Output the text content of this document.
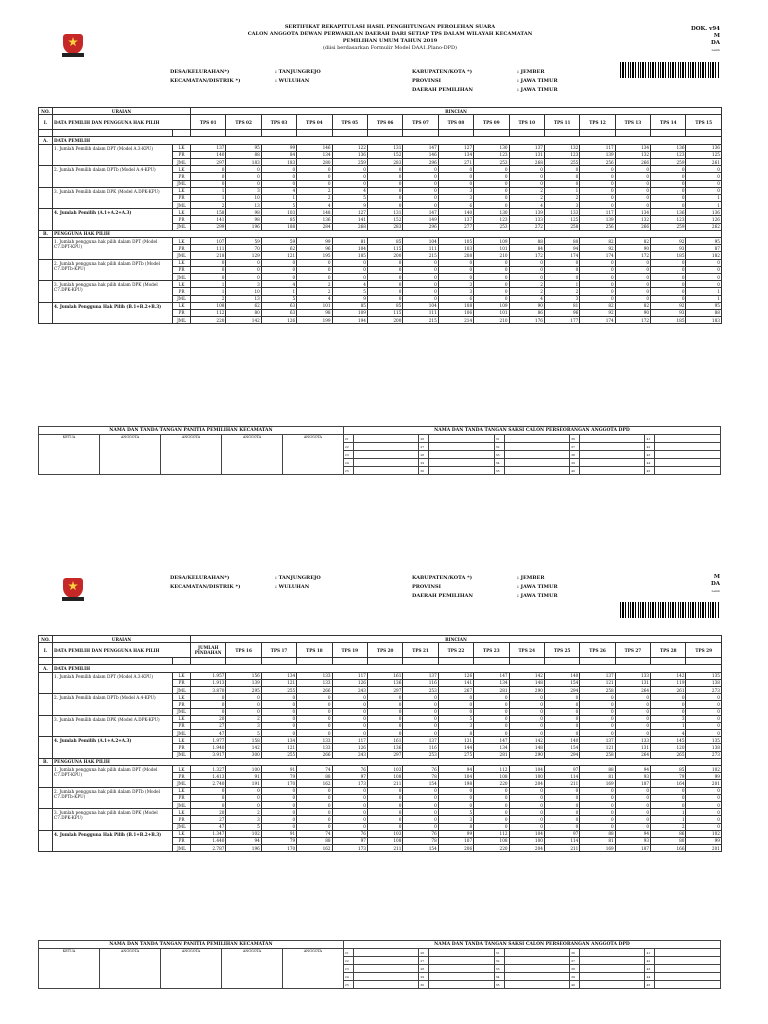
SERTIFIKAT REKAPITULASI HASIL PENGHITUNGAN PEROLEHAN SUARA
CALON ANGGOTA DEWAN PERWAKILAN DAERAH DARI SETIAP TPS DALAM WILAYAH KECAMATAN
PEMILIHAN UMUM TAHUN 2019
(diisi berdasarkan Formulir Model DAA1.Plano-DPD)
DOK. v94
M
DA
Lemb
DESA/KELURAHAN*)	: TANJUNGREJO
KECAMATAN/DISTRIK *)	: WULUHAN
KABUPATEN/KOTA *)	: JEMBER
PROVINSI	: JAWA TIMUR
DAERAH PEMILIHAN	: JAWA TIMUR
NO.	URAIAN		RINCIAN														
I.	DATA PEMILIH DAN PENGGUNA HAK PILIH		TPS 01	TPS 02	TPS 03	TPS 04	TPS 05	TPS 06	TPS 07	TPS 08	TPS 09	TPS 10	TPS 11	TPS 12	TPS 13	TPS 14	TPS 15

A.	DATA PEMILIH																
	1. Jumlah Pemilih dalam DPT (Model A.3-KPU)	LK	137	95	99	146	122	131	147	127	130	137	132	117	134	136	136
		PR	140	88	84	134	136	152	146	134	123	131	123	139	132	123	125
		JML	297	183	183	280	259	283	296	271	253	268	255	256	266	259	261
	2. Jumlah Pemilih dalam DPTb (Model A.4-KPU)	LK	0	0	0	0	0	0	0	0	0	0	0	0	0	0	0
		PR	0	0	0	0	0	0	0	0	0	0	0	0	0	0	0
		JML	0	0	0	0	0	0	0	0	0	0	0	0	0	0	0
	3. Jumlah Pemilih dalam DPK (Model A.DPK-KPU)	LK	1	3	4	2	4	0	0	3	0	2	1	0	0	0	0
		PR	1	10	1	2	5	0	0	3	0	2	2	0	0	0	1
		JML	2	13	5	4	9	0	0	6	0	4	3	0	0	0	1
	4. Jumlah Pemilih (A.1+A.2+A.3)	LK	158	98	103	148	127	131	147	140	130	139	133	117	134	136	136
		PR	141	98	85	136	141	152	149	137	123	133	125	139	132	123	126
		JML	299	196	188	284	268	283	296	277	253	272	258	256	266	259	262
B.	PENGGUNA HAK PILIH																
	1. Jumlah pengguna hak pilih dalam DPT (Model C7.DPT-KPU)	LK	107	59	59	99	81	85	104	105	109	88	80	82	82	92	95
		PR	111	70	62	96	104	115	111	103	101	84	94	92	90	93	87
		JML	218	129	121	195	185	200	215	208	210	172	174	174	172	185	182
	2. Jumlah pengguna hak pilih dalam DPTb (Model C7.DPTb-KPU)	LK	0	0	0	0	0	0	0	0	0	0	0	0	0	0	0
		PR	0	0	0	0	0	0	0	0	0	0	0	0	0	0	0
		JML	0	0	0	0	0	0	0	0	0	0	0	0	0	0	0
	3. Jumlah pengguna hak pilih dalam DPK (Model C7.DPK-KPU)	LK	1	3	4	2	4	0	0	3	0	2	1	0	0	0	0
		PR	1	10	1	2	5	0	0	3	0	2	2	0	0	0	1
		JML	2	13	5	4	9	0	0	6	0	4	3	0	0	0	1
	4. Jumlah Pengguna Hak Pilih (B.1+B.2+B.3)	LK	108	62	63	101	85	85	104	108	109	90	81	82	82	92	95
		PR	112	80	63	98	109	115	111	106	101	86	96	92	90	93	88
		JML	220	142	126	199	194	200	215	214	210	176	177	174	172	185	183
NAMA DAN TANDA TANGAN PANITIA PEMILIHAN KECAMATAN					NAMA DAN TANDA TANGAN SAKSI CALON PERSEORANGAN ANGGOTA DPD									
KETUA	ANGGOTA	ANGGOTA	ANGGOTA	ANGGOTA	21		26		31		36		41	
					22		27		32		37		42	
					23		28		33		38		43	
					24		29		34		39		44	
					25		30		35		40		45	
M
DA
Lemb
DESA/KELURAHAN*)	: TANJUNGREJO
KECAMATAN/DISTRIK *)	: WULUHAN
KABUPATEN/KOTA *)	: JEMBER
PROVINSI	: JAWA TIMUR
DAERAH PEMILIHAN	: JAWA TIMUR
NO.	URAIAN		RINCIAN														
I.	DATA PEMILIH DAN PENGGUNA HAK PILIH		JUMLAH PINDAHAN	TPS 16	TPS 17	TPS 18	TPS 19	TPS 20	TPS 21	TPS 22	TPS 23	TPS 24	TPS 25	TPS 26	TPS 27	TPS 28	TPS 29

A.	DATA PEMILIH																
	1. Jumlah Pemilih dalam DPT (Model A.3-KPU)	LK	1.957	156	134	133	117	161	137	126	147	142	140	137	133	142	135
		PR	1.913	139	121	133	126	136	116	141	134	148	154	121	131	119	138
		JML	3.870	295	255	266	243	297	253	267	281	290	294	258	264	261	273
	2. Jumlah Pemilih dalam DPTb (Model A.4-KPU)	LK	0	0	0	0	0	0	0	0	0	0	0	0	0	0	0
		PR	0	0	0	0	0	0	0	0	0	0	0	0	0	0	0
		JML	0	0	0	0	0	0	0	0	0	0	0	0	0	0	0
	3. Jumlah Pemilih dalam DPK (Model A.DPK-KPU)	LK	20	2	0	0	0	0	0	5	0	0	0	0	0	3	0
		PR	27	3	0	0	0	0	0	3	0	0	0	0	0	1	0
		JML	47	5	0	0	0	0	0	8	0	0	0	0	0	4	0
	4. Jumlah Pemilih (A.1+A.2+A.3)	LK	1.977	158	134	133	117	161	137	131	147	142	140	137	133	145	135
		PR	1.940	142	121	133	126	136	116	144	134	148	154	121	131	120	138
		JML	3.917	300	255	266	243	297	253	275	281	290	294	258	264	265	273
B.	PENGGUNA HAK PILIH																
	1. Jumlah pengguna hak pilih dalam DPT (Model C7.DPT-KPU)	LK	1.327	100	91	74	76	103	76	94	112	104	97	88	94	85	102
		PR	1.413	91	79	88	97	108	78	104	108	100	114	81	93	79	99
		JML	2.740	191	170	162	173	211	154	198	220	204	211	169	187	164	201
	2. Jumlah pengguna hak pilih dalam DPTb (Model C7.DPTb-KPU)	LK	0	0	0	0	0	0	0	0	0	0	0	0	0	0	0
		PR	0	0	0	0	0	0	0	0	0	0	0	0	0	0	0
		JML	0	0	0	0	0	0	0	0	0	0	0	0	0	0	0
	3. Jumlah pengguna hak pilih dalam DPK (Model C7.DPK-KPU)	LK	20	2	0	0	0	0	0	5	0	0	0	0	0	1	0
		PR	27	3	0	0	0	0	0	3	0	0	0	0	0	1	0
		JML	47	5	0	0	0	0	0	8	0	0	0	0	0	2	0
	4. Jumlah Pengguna Hak Pilih (B.1+B.2+B.3)	LK	1.347	102	91	74	76	103	76	99	112	104	97	88	94	86	102
		PR	1.440	94	79	88	97	108	78	107	108	100	114	81	93	80	99
		JML	2.787	196	170	162	173	211	154	206	220	204	211	169	187	166	201
NAMA DAN TANDA TANGAN PANITIA PEMILIHAN KECAMATAN					NAMA DAN TANDA TANGAN SAKSI CALON PERSEORANGAN ANGGOTA DPD									
KETUA	ANGGOTA	ANGGOTA	ANGGOTA	ANGGOTA	21		26		31		36		41	
					22		27		32		37		42	
					23		28		33		38		43	
					24		29		34		39		44	
					25		30		35		40		45	
